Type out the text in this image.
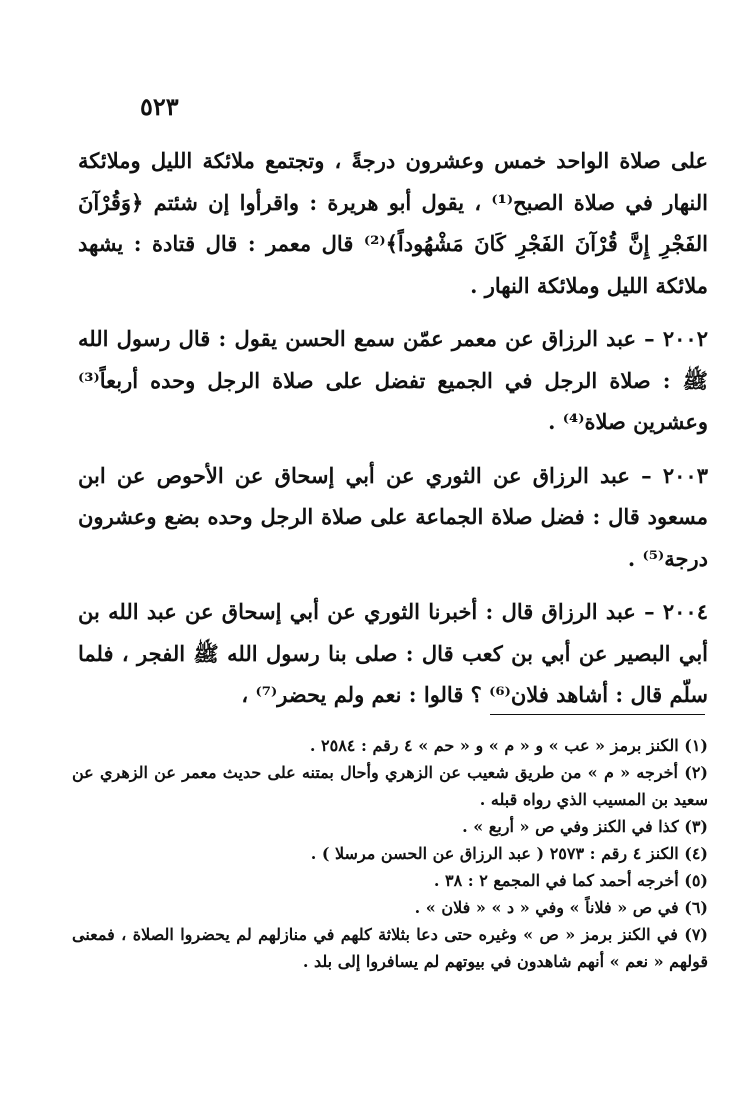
٥٢٣

على صلاة الواحد خمس وعشرون درجةً ، وتجتمع ملائكة الليل وملائكة النهار في صلاة الصبح⁽¹⁾ ، يقول أبو هريرة : واقرأوا إن شئتم ﴿وَقُرْآنَ الفَجْرِ إِنَّ قُرْآنَ الفَجْرِ كَانَ مَشْهُوداً﴾⁽²⁾ قال معمر : قال قتادة : يشهد ملائكة الليل وملائكة النهار .

٢٠٠٢ – عبد الرزاق عن معمر عمّن سمع الحسن يقول : قال رسول الله ﷺ : صلاة الرجل في الجميع تفضل على صلاة الرجل وحده أربعاً⁽³⁾ وعشرين صلاة⁽⁴⁾ .

٢٠٠٣ – عبد الرزاق عن الثوري عن أبي إسحاق عن الأحوص عن ابن مسعود قال : فضل صلاة الجماعة على صلاة الرجل وحده بضع وعشرون درجة⁽⁵⁾ .

٢٠٠٤ – عبد الرزاق قال : أخبرنا الثوري عن أبي إسحاق عن عبد الله بن أبي البصير عن أبي بن كعب قال : صلى بنا رسول الله ﷺ الفجر ، فلما سلّم قال : أشاهد فلان⁽⁶⁾ ؟ قالوا : نعم ولم يحضر⁽⁷⁾ ،

(١) الكنز برمز « عب » و « م » و « حم » ٤ رقم : ٢٥٨٤ .

(٢) أخرجه « م » من طريق شعيب عن الزهري وأحال بمتنه على حديث معمر عن الزهري عن سعيد بن المسيب الذي رواه قبله .

(٣) كذا في الكنز وفي ص « أربع » .

(٤) الكنز ٤ رقم : ٢٥٧٣ ( عبد الرزاق عن الحسن مرسلا ) .

(٥) أخرجه أحمد كما في المجمع ٢ : ٣٨ .

(٦) في ص « فلاناً » وفي « د » « فلان » .

(٧) في الكنز برمز « ص » وغيره حتى دعا بثلاثة كلهم في منازلهم لم يحضروا الصلاة ، فمعنى قولهم « نعم » أنهم شاهدون في بيوتهم لم يسافروا إلى بلد .
